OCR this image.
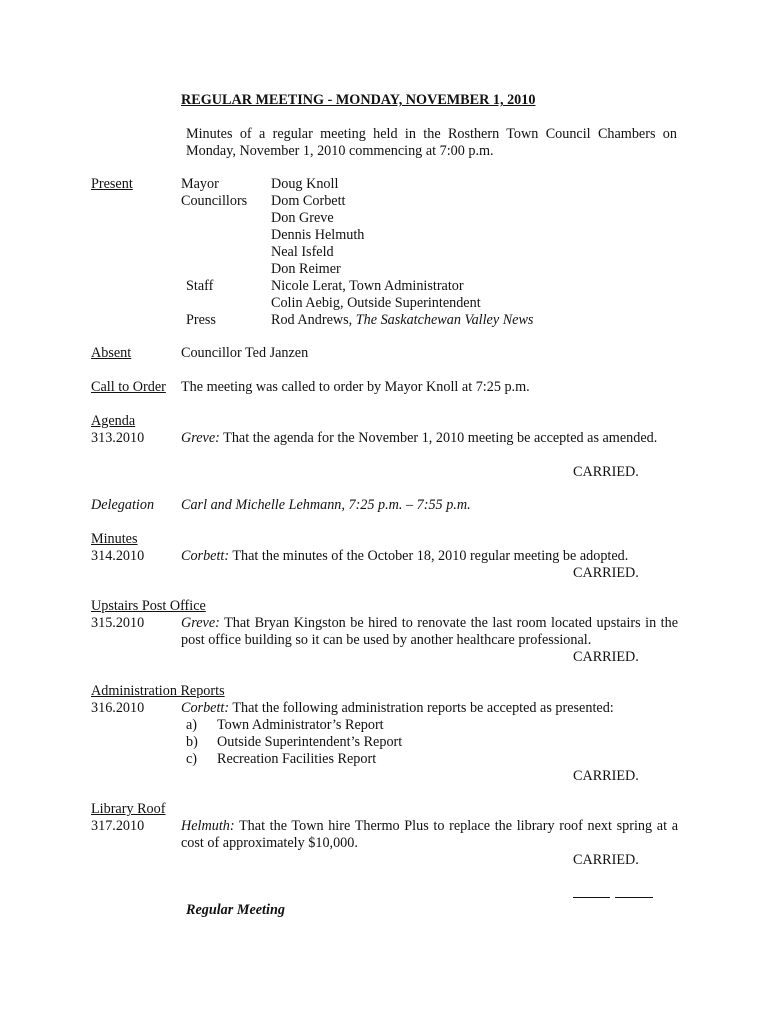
REGULAR MEETING - MONDAY, NOVEMBER 1, 2010
Minutes of a regular meeting held in the Rosthern Town Council Chambers on Monday, November 1, 2010 commencing at 7:00 p.m.
Present	Mayor	Doug Knoll
Councillors Dom Corbett
Don Greve
Dennis Helmuth
Neal Isfeld
Don Reimer
Staff	Nicole Lerat, Town Administrator
Colin Aebig, Outside Superintendent
Press	Rod Andrews, The Saskatchewan Valley News
Absent	Councillor Ted Janzen
Call to Order The meeting was called to order by Mayor Knoll at 7:25 p.m.
Agenda
313.2010	Greve: That the agenda for the November 1, 2010 meeting be accepted as amended.
CARRIED.
Delegation Carl and Michelle Lehmann, 7:25 p.m. – 7:55 p.m.
Minutes
314.2010	Corbett: That the minutes of the October 18, 2010 regular meeting be adopted.
CARRIED.
Upstairs Post Office
315.2010	Greve: That Bryan Kingston be hired to renovate the last room located upstairs in the post office building so it can be used by another healthcare professional.
CARRIED.
Administration Reports
316.2010	Corbett: That the following administration reports be accepted as presented:
a) Town Administrator’s Report
b) Outside Superintendent’s Report
c) Recreation Facilities Report
CARRIED.
Library Roof
317.2010	Helmuth: That the Town hire Thermo Plus to replace the library roof next spring at a cost of approximately $10,000.
CARRIED.
Regular Meeting
